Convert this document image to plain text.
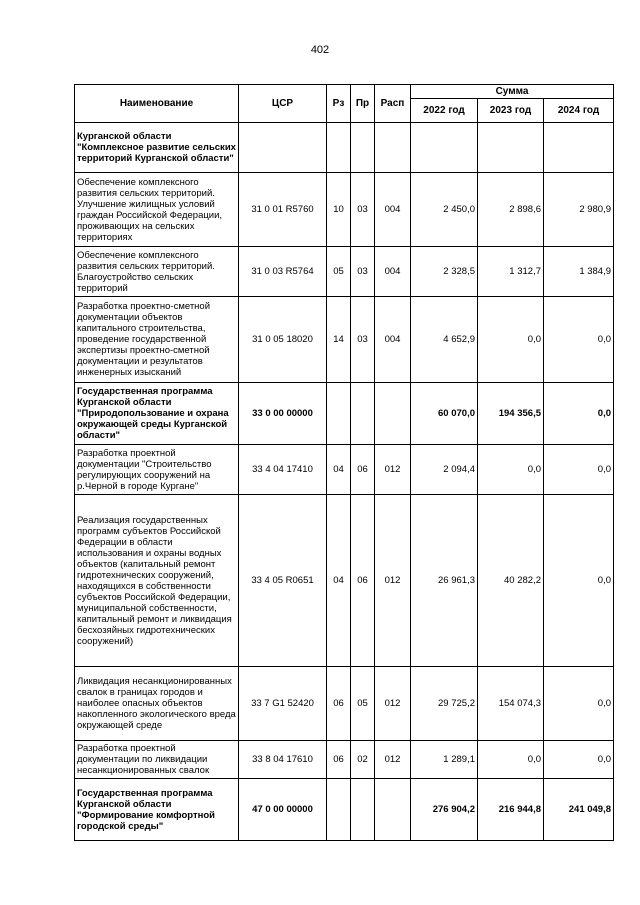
402
Наименование	ЦСР	Рз	Пр	Расп	Сумма		
					2022 год	2023 год	2024 год
Курганской области "Комплексное развитие сельских территорий Курганской области"							
Обеспечение комплексного развития сельских территорий. Улучшение жилищных условий граждан Российской Федерации, проживающих на сельских территориях	31 0 01 R5760	10	03	004	2 450,0	2 898,6	2 980,9
Обеспечение комплексного развития сельских территорий. Благоустройство сельских территорий	31 0 03 R5764	05	03	004	2 328,5	1 312,7	1 384,9
Разработка проектно-сметной документации объектов капитального строительства, проведение государственной экспертизы проектно-сметной документации и результатов инженерных изысканий	31 0 05 18020	14	03	004	4 652,9	0,0	0,0
Государственная программа Курганской области "Природопользование и охрана окружающей среды Курганской области"	33 0 00 00000				60 070,0	194 356,5	0,0
Разработка проектной документации "Строительство регулирующих сооружений на р.Черной в городе Кургане"	33 4 04 17410	04	06	012	2 094,4	0,0	0,0
Реализация государственных программ субъектов Российской Федерации в области использования и охраны водных объектов (капитальный ремонт гидротехнических сооружений, находящихся в собственности субъектов Российской Федерации, муниципальной собственности, капитальный ремонт и ликвидация бесхозяйных гидротехнических сооружений)	33 4 05 R0651	04	06	012	26 961,3	40 282,2	0,0
Ликвидация несанкционированных свалок в границах городов и наиболее опасных объектов накопленного экологического вреда окружающей среде	33 7 G1 52420	06	05	012	29 725,2	154 074,3	0,0
Разработка проектной документации по ликвидации несанкционированных свалок	33 8 04 17610	06	02	012	1 289,1	0,0	0,0
Государственная программа Курганской области "Формирование комфортной городской среды"	47 0 00 00000				276 904,2	216 944,8	241 049,8
